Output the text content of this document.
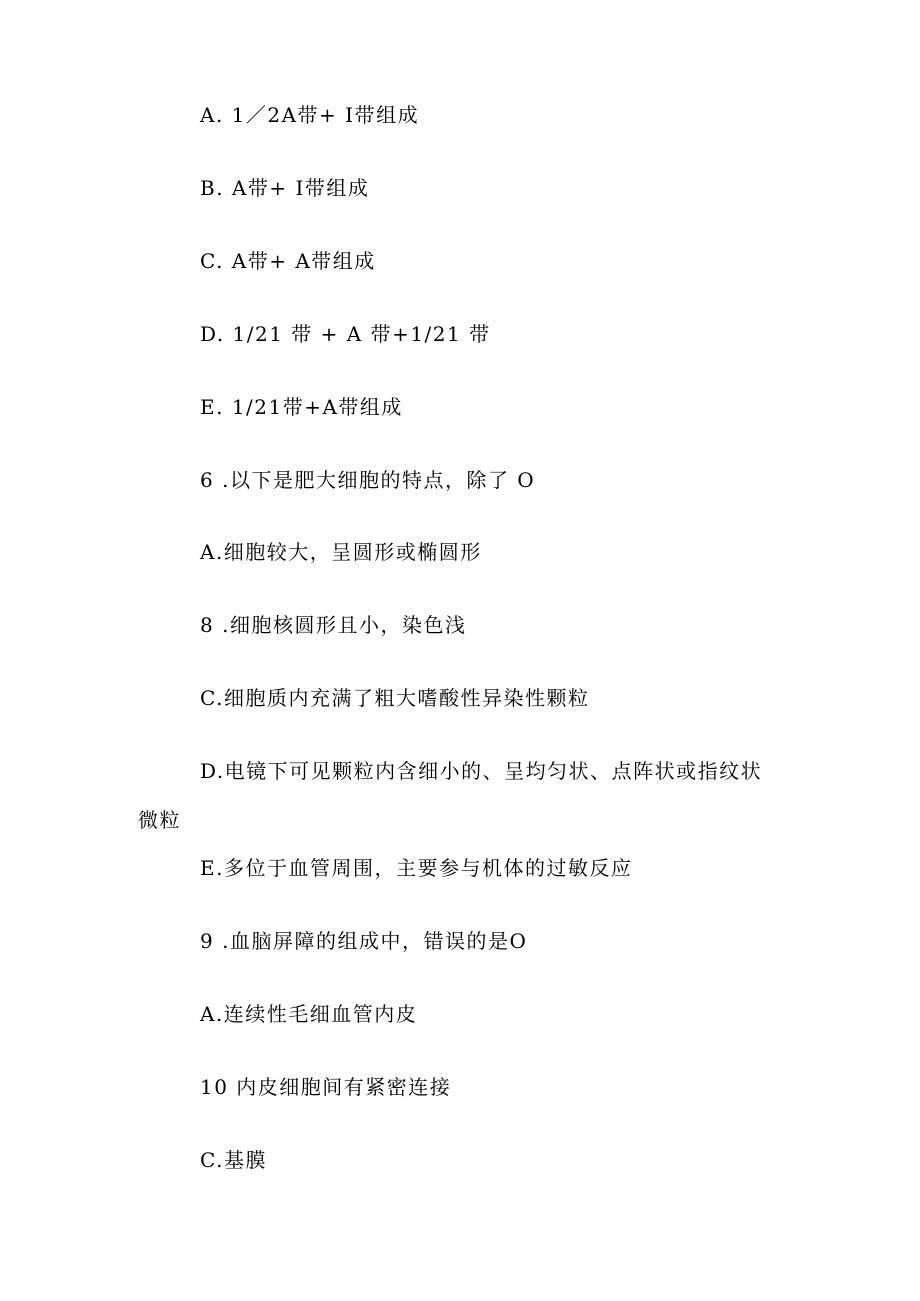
A. 1／2A带+ I带组成
B. A带+ I带组成
C. A带+ A带组成
D. 1/21 带 + A 带+1/21 带
E. 1/21带+A带组成
6 .以下是肥大细胞的特点，除了 O
A.细胞较大，呈圆形或椭圆形
8 .细胞核圆形且小，染色浅
C.细胞质内充满了粗大嗜酸性异染性颗粒
D.电镜下可见颗粒内含细小的、呈均匀状、点阵状或指纹状
微粒
E.多位于血管周围，主要参与机体的过敏反应
9 .血脑屏障的组成中，错误的是O
A.连续性毛细血管内皮
10 内皮细胞间有紧密连接
C.基膜
